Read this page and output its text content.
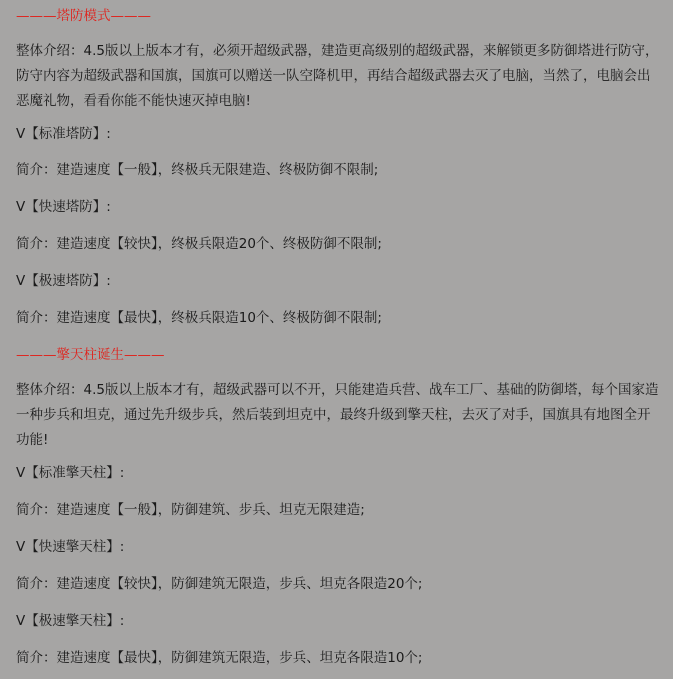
———塔防模式———
整体介绍：4.5版以上版本才有，必须开超级武器，建造更高级别的超级武器，来解锁更多防御塔进行防守，防守内容为超级武器和国旗，国旗可以赠送一队空降机甲，再结合超级武器去灭了电脑，当然了，电脑会出恶魔礼物，看看你能不能快速灭掉电脑!
V【标准塔防】:
简介：建造速度【一般】，终极兵无限建造、终极防御不限制;
V【快速塔防】:
简介：建造速度【较快】，终极兵限造20个、终极防御不限制;
V【极速塔防】:
简介：建造速度【最快】，终极兵限造10个、终极防御不限制;
———擎天柱诞生———
整体介绍：4.5版以上版本才有，超级武器可以不开，只能建造兵营、战车工厂、基础的防御塔，每个国家造一种步兵和坦克，通过先升级步兵，然后装到坦克中，最终升级到擎天柱，去灭了对手，国旗具有地图全开功能!
V【标准擎天柱】:
简介：建造速度【一般】，防御建筑、步兵、坦克无限建造;
V【快速擎天柱】:
简介：建造速度【较快】，防御建筑无限造，步兵、坦克各限造20个;
V【极速擎天柱】:
简介：建造速度【最快】，防御建筑无限造，步兵、坦克各限造10个;
